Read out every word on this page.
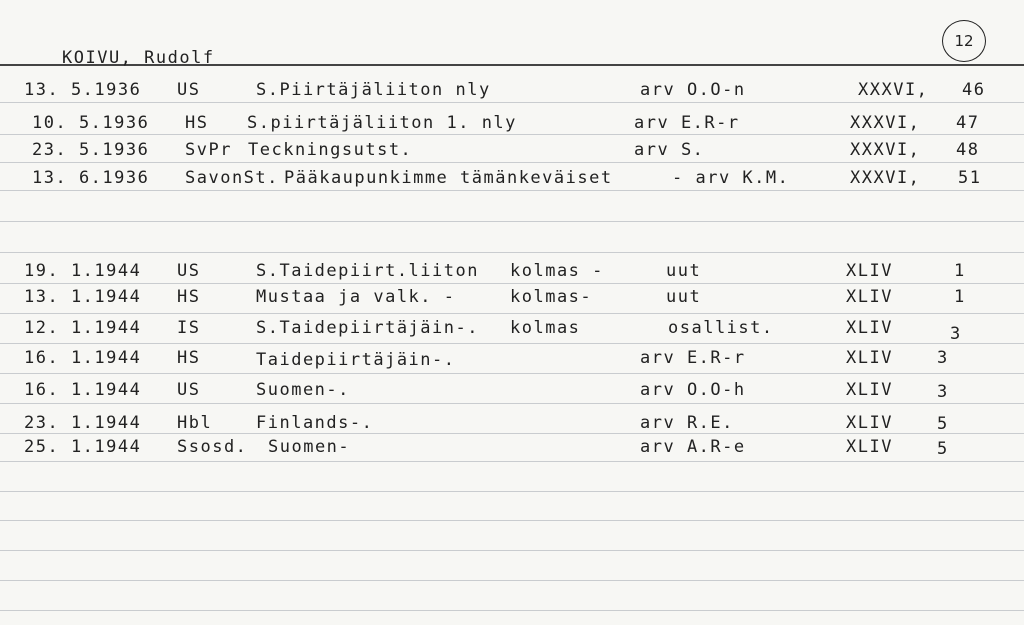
KOIVU, Rudolf
12
13. 5.1936 US	S.Piirtäjäliiton nly	arv O.O-n	XXXVI, 46
10. 5.1936 HS S.piirtäjäliiton 1. nly	arv E.R-r	XXXVI, 47
23. 5.1936 SvPr Teckningsutst.	arv S.	XXXVI, 48
13. 6.1936 SavonSt. Pääkaupunkimme tämänkeväiset	- arv K.M.	XXXVI, 51
19. 1.1944 US	S.Taidepiirt.liiton kolmas -	uut	XLIV	1
13. 1.1944 HS	Mustaa ja valk. -	kolmas-	uut	XLIV	1
12. 1.1944 IS	S.Taidepiirtäjäin-. kolmas	osallist.	XLIV	3
16. 1.1944 HS	Taidepiirtäjäin-.	arv E.R-r	XLIV	3
16. 1.1944 US	Suomen-.	arv O.O-h	XLIV	3
23. 1.1944 Hbl	Finlands-.	arv R.E.	XLIV	5
25. 1.1944 Ssosd. Suomen-	arv A.R-e	XLIV	5
